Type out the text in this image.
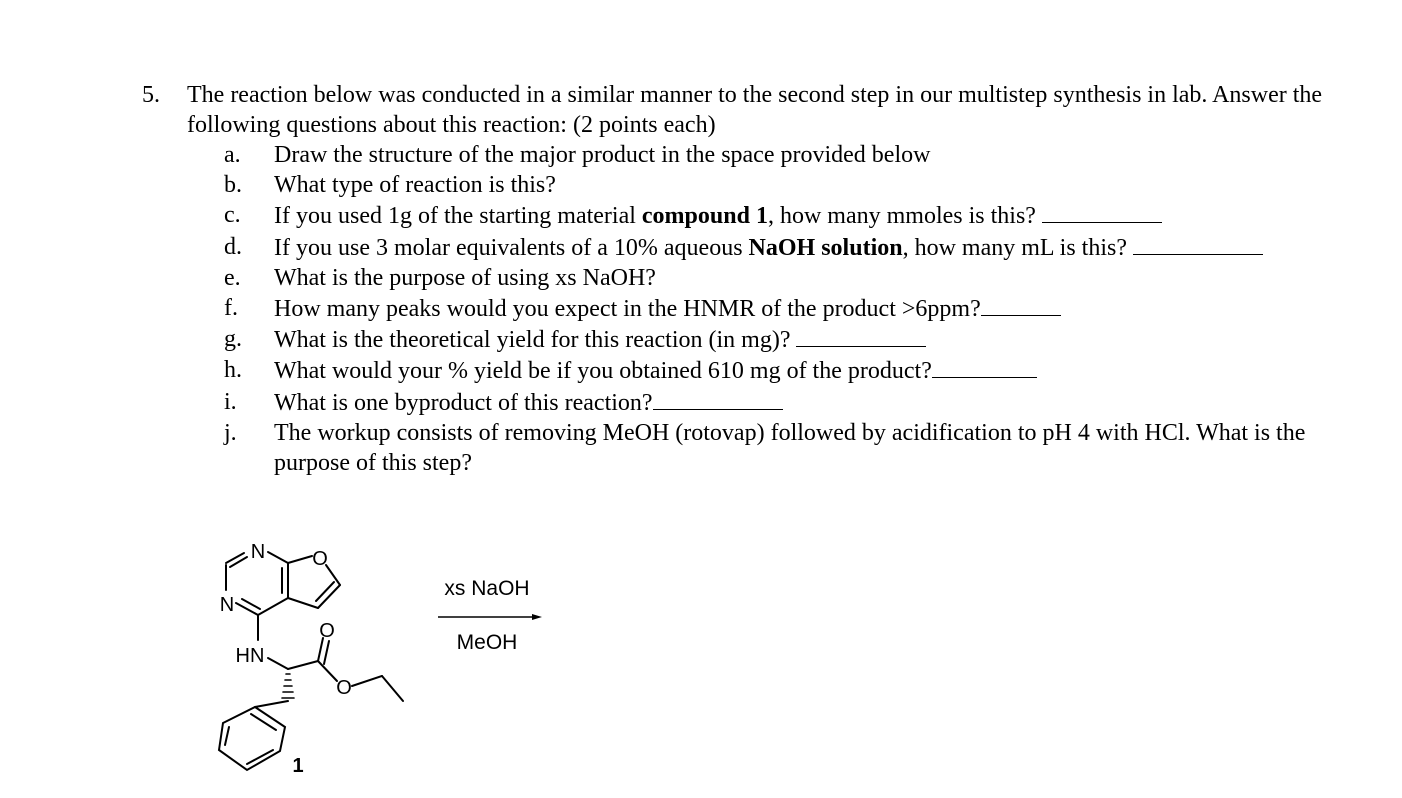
5. The reaction below was conducted in a similar manner to the second step in our multistep synthesis in lab. Answer the following questions about this reaction: (2 points each)
a.	Draw the structure of the major product in the space provided below
b.	What type of reaction is this?
c.	If you used 1g of the starting material compound 1, how many mmoles is this?
d.	If you use 3 molar equivalents of a 10% aqueous NaOH solution, how many mL is this?
e.	What is the purpose of using xs NaOH?
f.	How many peaks would you expect in the HNMR of the product >6ppm?
g.	What is the theoretical yield for this reaction (in mg)?
h.	What would your % yield be if you obtained 610 mg of the product?
i.	What is one byproduct of this reaction?
j.	The workup consists of removing MeOH (rotovap) followed by acidification to pH 4 with HCl. What is the purpose of this step?
N O
N
HN
O
O
1
xs NaOH
MeOH
